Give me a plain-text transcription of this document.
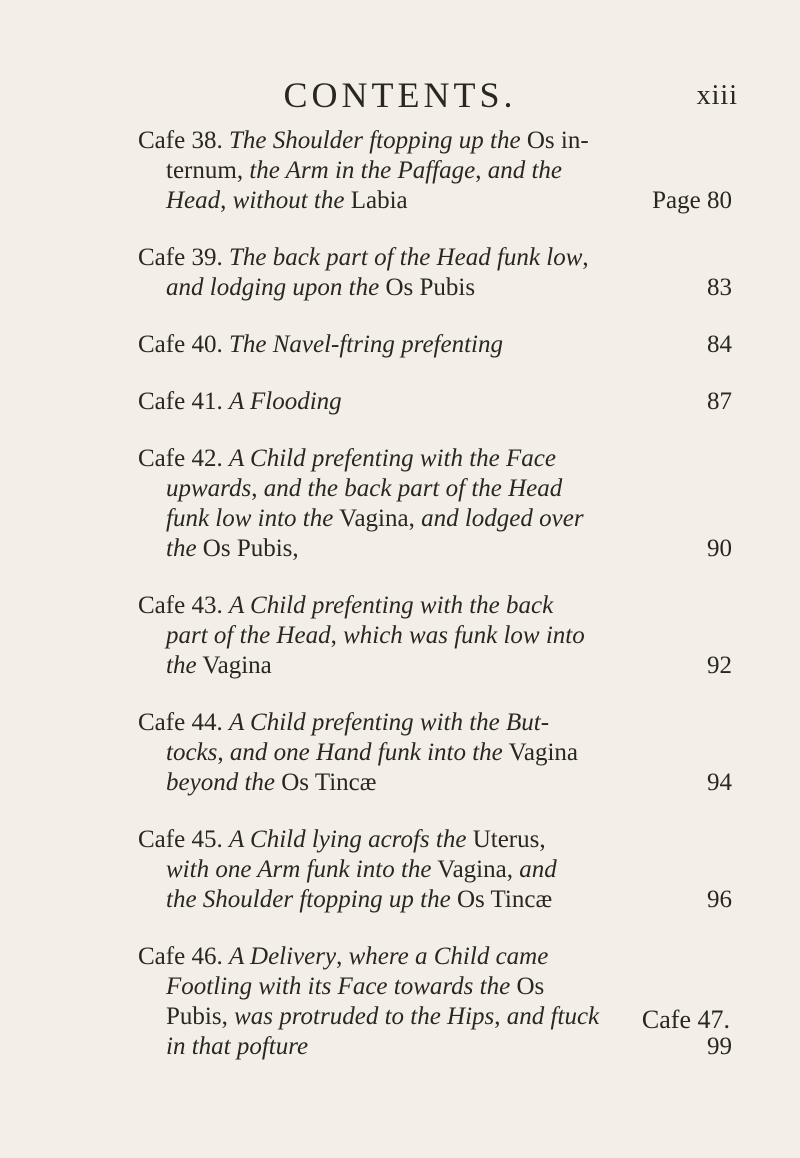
CONTENTS.	xiii
Cafe 38. The Shoulder ftopping up the Os in-
ternum, the Arm in the Paffage, and the
Head, without the Labia	Page 80
Cafe 39. The back part of the Head funk low,
and lodging upon the Os Pubis	83
Cafe 40. The Navel-ftring prefenting	84
Cafe 41. A Flooding	87
Cafe 42. A Child prefenting with the Face
upwards, and the back part of the Head
funk low into the Vagina, and lodged over
the Os Pubis,	90
Cafe 43. A Child prefenting with the back
part of the Head, which was funk low into
the Vagina	92
Cafe 44. A Child prefenting with the But-
tocks, and one Hand funk into the Vagina
beyond the Os Tincæ	94
Cafe 45. A Child lying acrofs the Uterus,
with one Arm funk into the Vagina, and
the Shoulder ftopping up the Os Tincæ	96
Cafe 46. A Delivery, where a Child came
Footling with its Face towards the Os
Pubis, was protruded to the Hips, and ftuck
in that pofture	99
Cafe 47.
